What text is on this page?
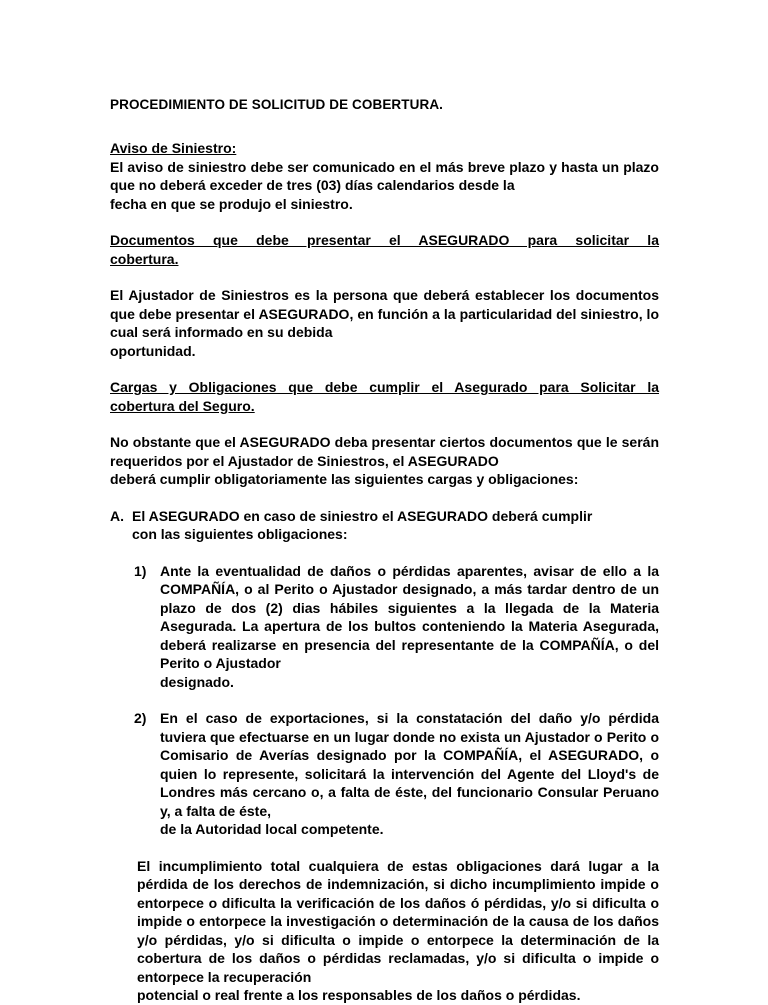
PROCEDIMIENTO DE SOLICITUD DE COBERTURA.

Aviso de Siniestro:

El aviso de siniestro debe ser comunicado en el más breve plazo y hasta un plazo que no deberá exceder de tres (03) días calendarios desde la
fecha en que se produjo el siniestro.

Documentos que debe presentar el ASEGURADO para solicitar la
cobertura.

El Ajustador de Siniestros es la persona que deberá establecer los documentos que debe presentar el ASEGURADO, en función a la particularidad del siniestro, lo cual será informado en su debida
oportunidad.

Cargas y Obligaciones que debe cumplir el Asegurado para Solicitar la
cobertura del Seguro.

No obstante que el ASEGURADO deba presentar ciertos documentos que le serán requeridos por el Ajustador de Siniestros, el ASEGURADO
deberá cumplir obligatoriamente las siguientes cargas y obligaciones:

A. El ASEGURADO en caso de siniestro el ASEGURADO deberá cumplir
con las siguientes obligaciones:
1) Ante la eventualidad de daños o pérdidas aparentes, avisar de ello a la COMPAÑÍA, o al Perito o Ajustador designado, a más tardar dentro de un plazo de dos (2) dias hábiles siguientes a la llegada de la Materia Asegurada. La apertura de los bultos conteniendo la Materia Asegurada, deberá realizarse en presencia del representante de la COMPAÑÍA, o del Perito o Ajustador
designado.
2) En el caso de exportaciones, si la constatación del daño y/o pérdida tuviera que efectuarse en un lugar donde no exista un Ajustador o Perito o Comisario de Averías designado por la COMPAÑÍA, el ASEGURADO, o quien lo represente, solicitará la intervención del Agente del Lloyd's de Londres más cercano o, a falta de éste, del funcionario Consular Peruano y, a falta de éste,
de la Autoridad local competente.
El incumplimiento total cualquiera de estas obligaciones dará lugar a la pérdida de los derechos de indemnización, si dicho incumplimiento impide o entorpece o dificulta la verificación de los daños ó pérdidas, y/o si dificulta o impide o entorpece la investigación o determinación de la causa de los daños y/o pérdidas, y/o si dificulta o impide o entorpece la determinación de la cobertura de los daños o pérdidas reclamadas, y/o si dificulta o impide o entorpece la recuperación
potencial o real frente a los responsables de los daños o pérdidas.
